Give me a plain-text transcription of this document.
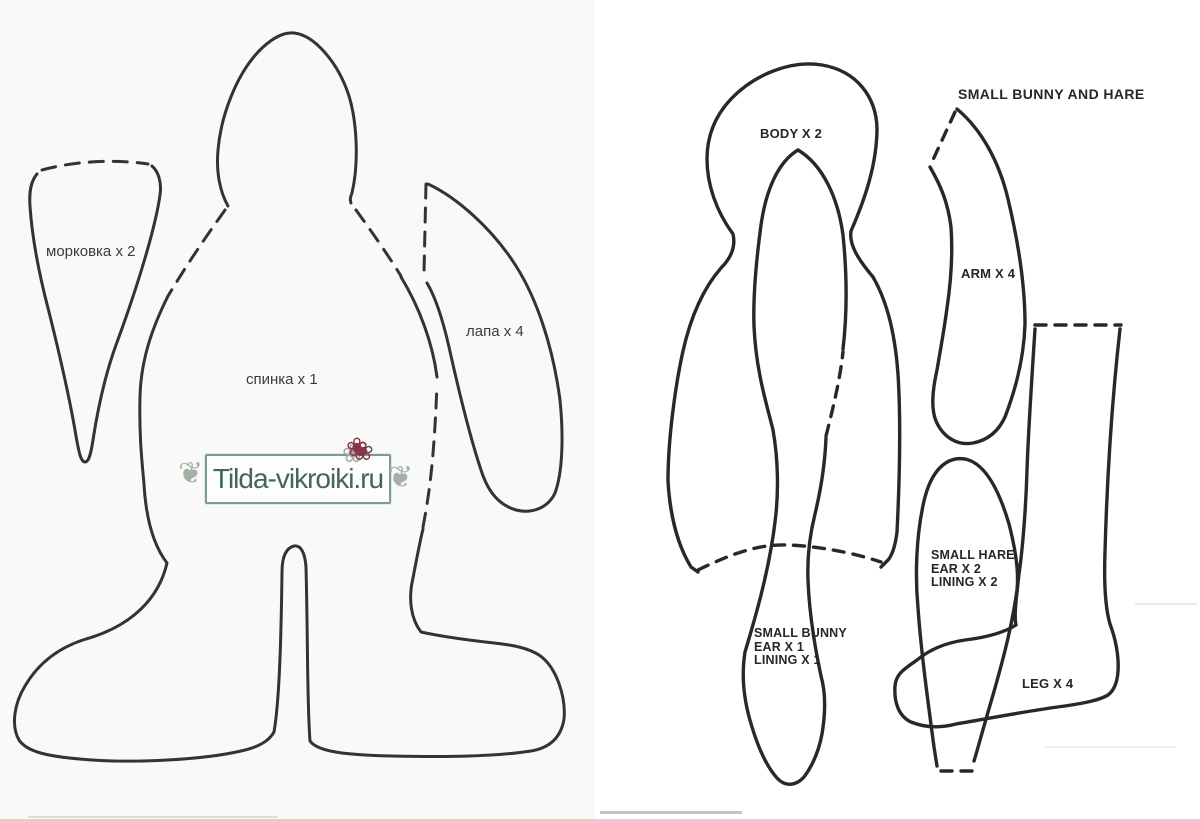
морковка x 2
спинка x 1
лапа x 4
❦ Tilda-vikroiki.ru ❦
❀
SMALL BUNNY AND HARE
BODY X 2
ARM X 4
SMALL HARE
EAR X 2
LINING X 2
SMALL BUNNY
EAR X 1
LINING X 1
LEG X 4
